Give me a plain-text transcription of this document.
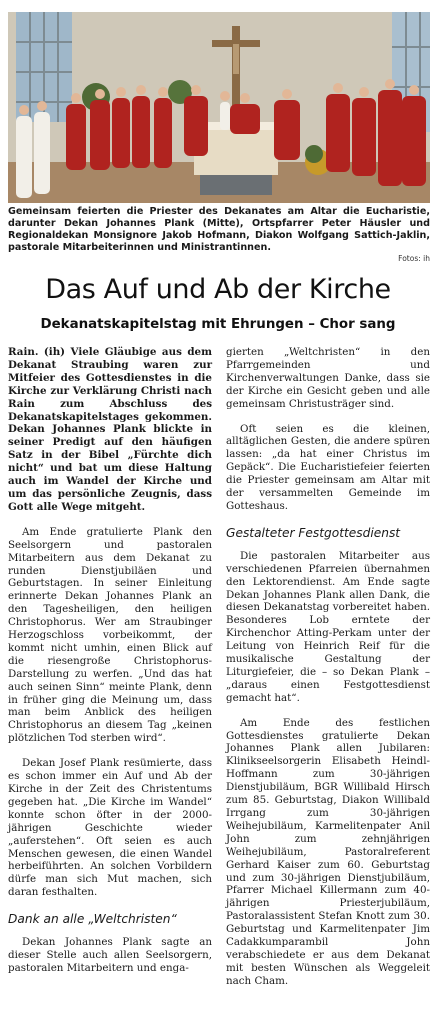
Gemeinsam feierten die Priester des Dekanates am Altar die Eucharistie, darunter Dekan Johannes Plank (Mitte), Ortspfarrer Peter Häusler und Regionaldekan Monsignore Jakob Hofmann, Diakon Wolfgang Sattich-Jaklin, pastorale Mitarbeiterinnen und Ministrantinnen.
Fotos: ih
Das Auf und Ab der Kirche
Dekanatskapitelstag mit Ehrungen – Chor sang

Rain. (ih) Viele Gläubige aus dem Dekanat Straubing waren zur Mitfeier des Gottesdienstes in die Kirche zur Verklärung Christi nach Rain zum Abschluss des Dekanatskapitelstages gekommen. Dekan Johannes Plank blickte in seiner Predigt auf den häufigen Satz in der Bibel „Fürchte dich nicht“ und bat um diese Haltung auch im Wandel der Kirche und um das persönliche Zeugnis, dass Gott alle Wege mitgeht.

Am Ende gratulierte Plank den Seelsorgern und pastoralen Mitarbeitern aus dem Dekanat zu runden Dienstjubiläen und Geburtstagen. In seiner Einleitung erinnerte Dekan Johannes Plank an den Tagesheiligen, den heiligen Christophorus. Wer am Straubinger Herzogschloss vorbeikommt, der kommt nicht umhin, einen Blick auf die riesengroße Christophorus-Darstellung zu werfen. „Und das hat auch seinen Sinn“ meinte Plank, denn in früher ging die Meinung um, dass man beim Anblick des heiligen Christophorus an diesem Tag „keinen plötzlichen Tod sterben wird“.

Dekan Josef Plank resümierte, dass es schon immer ein Auf und Ab der Kirche in der Zeit des Christentums gegeben hat. „Die Kirche im Wandel“ konnte schon öfter in der 2000-jährigen Geschichte wieder „auferstehen“. Oft seien es auch Menschen gewesen, die einen Wandel herbeiführten. An solchen Vorbildern dürfe man sich Mut machen, sich daran festhalten.

Dank an alle „Weltchristen“

Dekan Johannes Plank sagte an dieser Stelle auch allen Seelsorgern, pastoralen Mitarbeitern und enga-

gierten „Weltchristen“ in den Pfarrgemeinden und Kirchenverwaltungen Danke, dass sie der Kirche ein Gesicht geben und alle gemeinsam Christusträger sind.

Oft seien es die kleinen, alltäglichen Gesten, die andere spüren lassen: „da hat einer Christus im Gepäck“. Die Eucharistiefeier feierten die Priester gemeinsam am Altar mit der versammelten Gemeinde im Gotteshaus.

Gestalteter Festgottesdienst

Die pastoralen Mitarbeiter aus verschiedenen Pfarreien übernahmen den Lektorendienst. Am Ende sagte Dekan Johannes Plank allen Dank, die diesen Dekanatstag vorbereitet haben. Besonderes Lob erntete der Kirchenchor Atting-Perkam unter der Leitung von Heinrich Reif für die musikalische Gestaltung der Liturgiefeier, die – so Dekan Plank – „daraus einen Festgottesdienst gemacht hat“.

Am Ende des festlichen Gottesdienstes gratulierte Dekan Johannes Plank allen Jubilaren: Klinikseelsorgerin Elisabeth Heindl-Hoffmann zum 30-jährigen Dienstjubiläum, BGR Willibald Hirsch zum 85. Geburtstag, Diakon Willibald Irrgang zum 30-jährigen Weihejubiläum, Karmelitenpater Anil John zum zehnjährigen Weihejubiläum, Pastoralreferent Gerhard Kaiser zum 60. Geburtstag und zum 30-jährigen Dienstjubiläum, Pfarrer Michael Killermann zum 40-jährigen Priesterjubiläum, Pastoralassistent Stefan Knott zum 30. Geburtstag und Karmelitenpater Jim Cadakkumparambil John verabschiedete er aus dem Dekanat mit besten Wünschen als Weggeleit nach Cham.
